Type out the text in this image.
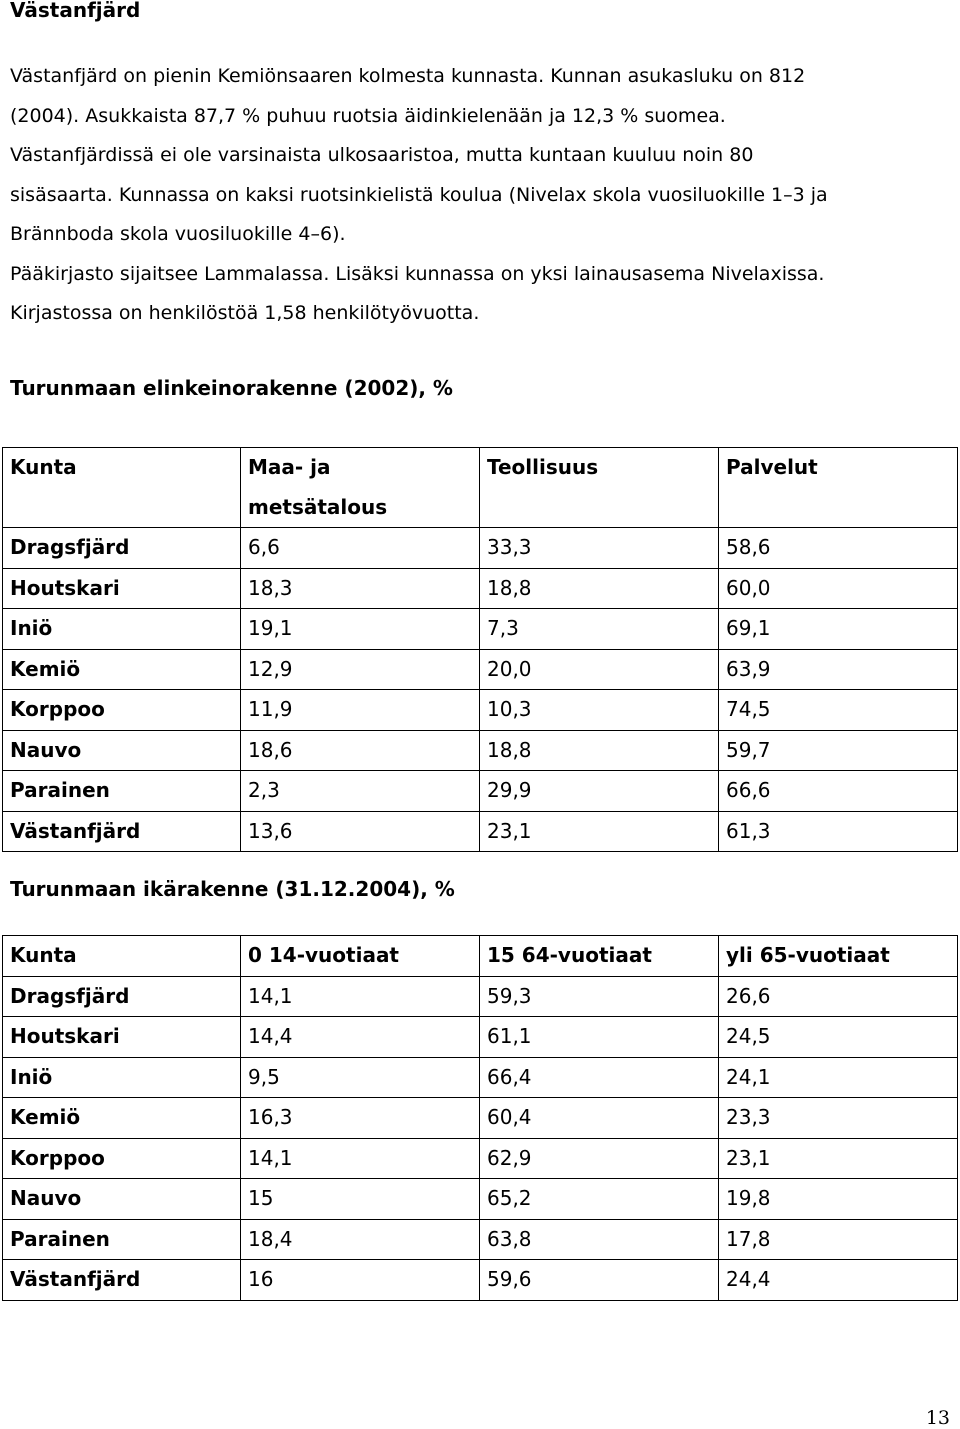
Västanfjärd

Västanfjärd on pienin Kemiönsaaren kolmesta kunnasta. Kunnan asukasluku on 812
(2004). Asukkaista 87,7 % puhuu ruotsia äidinkielenään ja 12,3 % suomea.
Västanfjärdissä ei ole varsinaista ulkosaaristoa, mutta kuntaan kuuluu noin 80
sisäsaarta. Kunnassa on kaksi ruotsinkielistä koulua (Nivelax skola vuosiluokille 1–3 ja
Brännboda skola vuosiluokille 4–6).
Pääkirjasto sijaitsee Lammalassa. Lisäksi kunnassa on yksi lainausasema Nivelaxissa.
Kirjastossa on henkilöstöä 1,58 henkilötyövuotta.

Turunmaan elinkeinorakenne (2002), %
Kunta	Maa- ja
metsätalous	Teollisuus	Palvelut
Dragsfjärd	6,6	33,3	58,6
Houtskari	18,3	18,8	60,0
Iniö	19,1	7,3	69,1
Kemiö	12,9	20,0	63,9
Korppoo	11,9	10,3	74,5
Nauvo	18,6	18,8	59,7
Parainen	2,3	29,9	66,6
Västanfjärd	13,6	23,1	61,3
Turunmaan ikärakenne (31.12.2004), %
Kunta	0 14-vuotiaat	15 64-vuotiaat	yli 65-vuotiaat
Dragsfjärd	14,1	59,3	26,6
Houtskari	14,4	61,1	24,5
Iniö	9,5	66,4	24,1
Kemiö	16,3	60,4	23,3
Korppoo	14,1	62,9	23,1
Nauvo	15	65,2	19,8
Parainen	18,4	63,8	17,8
Västanfjärd	16	59,6	24,4
13
